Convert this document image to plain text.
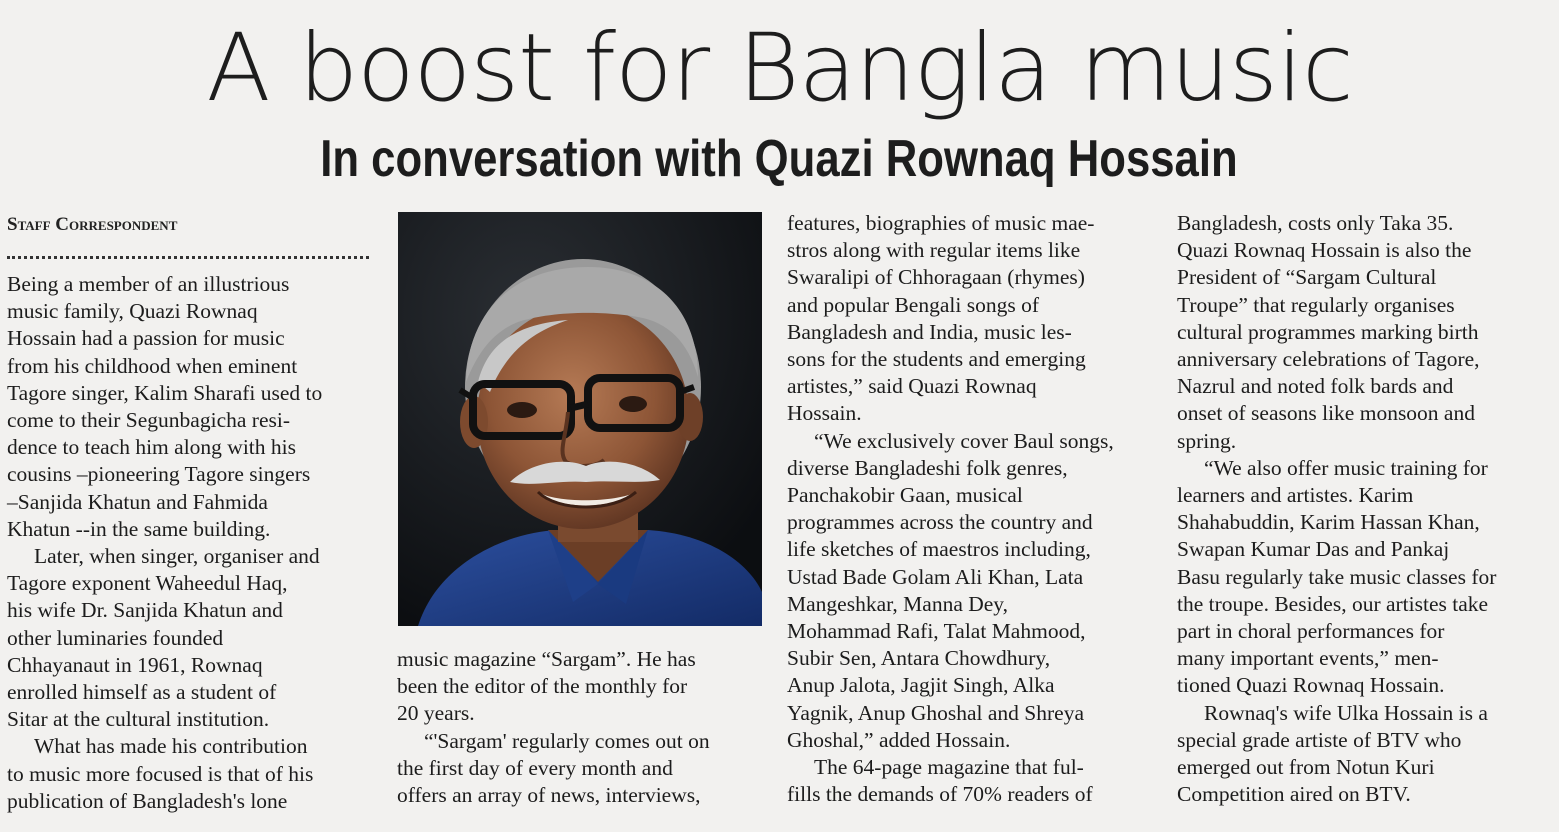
A boost for Bangla music
In conversation with Quazi Rownaq Hossain
Staff Correspondent

Being a member of an illustrious

music family, Quazi Rownaq

Hossain had a passion for music

from his childhood when eminent

Tagore singer, Kalim Sharafi used to

come to their Segunbagicha resi-

dence to teach him along with his

cousins –pioneering Tagore singers

–Sanjida Khatun and Fahmida

Khatun --in the same building.

Later, when singer, organiser and

Tagore exponent Waheedul Haq,

his wife Dr. Sanjida Khatun and

other luminaries founded

Chhayanaut in 1961, Rownaq

enrolled himself as a student of

Sitar at the cultural institution.

What has made his contribution

to music more focused is that of his

publication of Bangladesh's lone

music magazine “Sargam”. He has

been the editor of the monthly for

20 years.

“'Sargam' regularly comes out on

the first day of every month and

offers an array of news, interviews,

features, biographies of music mae-

stros along with regular items like

Swaralipi of Chhoragaan (rhymes)

and popular Bengali songs of

Bangladesh and India, music les-

sons for the students and emerging

artistes,” said Quazi Rownaq

Hossain.

“We exclusively cover Baul songs,

diverse Bangladeshi folk genres,

Panchakobir Gaan, musical

programmes across the country and

life sketches of maestros including,

Ustad Bade Golam Ali Khan, Lata

Mangeshkar, Manna Dey,

Mohammad Rafi, Talat Mahmood,

Subir Sen, Antara Chowdhury,

Anup Jalota, Jagjit Singh, Alka

Yagnik, Anup Ghoshal and Shreya

Ghoshal,” added Hossain.

The 64-page magazine that ful-

fills the demands of 70% readers of

Bangladesh, costs only Taka 35.

Quazi Rownaq Hossain is also the

President of “Sargam Cultural

Troupe” that regularly organises

cultural programmes marking birth

anniversary celebrations of Tagore,

Nazrul and noted folk bards and

onset of seasons like monsoon and

spring.

“We also offer music training for

learners and artistes. Karim

Shahabuddin, Karim Hassan Khan,

Swapan Kumar Das and Pankaj

Basu regularly take music classes for

the troupe. Besides, our artistes take

part in choral performances for

many important events,” men-

tioned Quazi Rownaq Hossain.

Rownaq's wife Ulka Hossain is a

special grade artiste of BTV who

emerged out from Notun Kuri

Competition aired on BTV.
